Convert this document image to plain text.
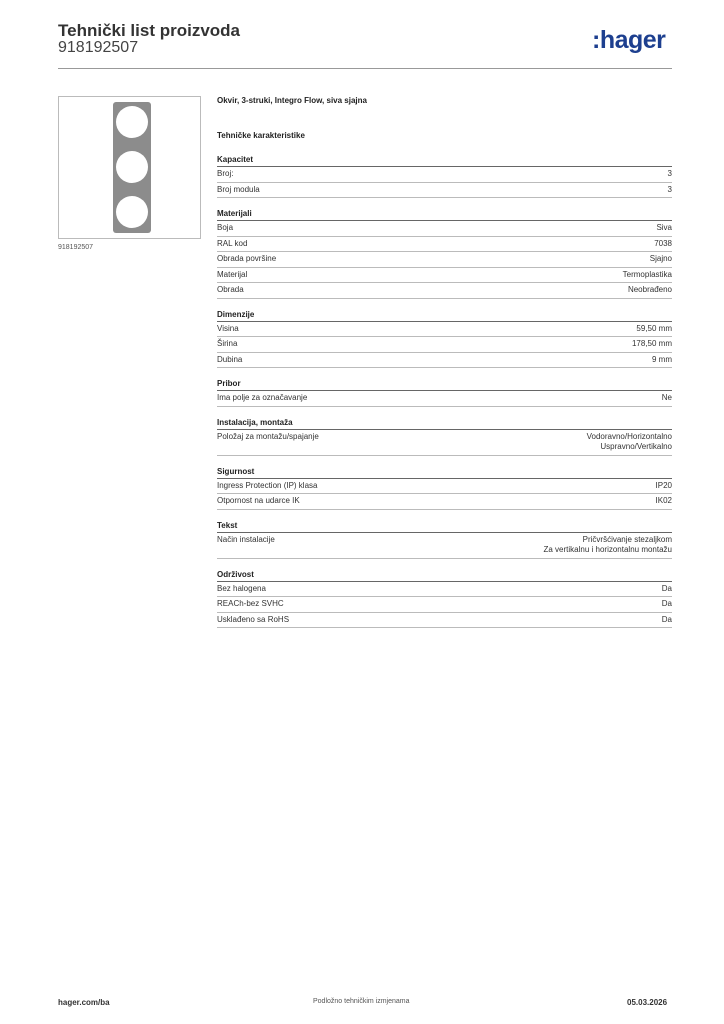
Tehnički list proizvoda
918192507	:hager
918192507
Okvir, 3-struki, Integro Flow, siva sjajna
Tehničke karakteristike
Kapacitet
Broj:	3
Broj modula	3
Materijali
Boja	Siva
RAL kod	7038
Obrada površine	Sjajno
Materijal	Termoplastika
Obrada	Neobrađeno
Dimenzije
Visina	59,50 mm
Širina	178,50 mm
Dubina	9 mm
Pribor
Ima polje za označavanje	Ne
Instalacija, montaža
Položaj za montažu/spajanje	Vodoravno/Horizontalno
Uspravno/Vertikalno
Sigurnost
Ingress Protection (IP) klasa	IP20
Otpornost na udarce IK	IK02
Tekst
Način instalacije	Pričvršćivanje stezaljkom
Za vertikalnu i horizontalnu montažu
Održivost
Bez halogena	Da
REACh-bez SVHC	Da
Usklađeno sa RoHS	Da
hager.com/ba	Podložno tehničkim izmjenama	05.03.2026
